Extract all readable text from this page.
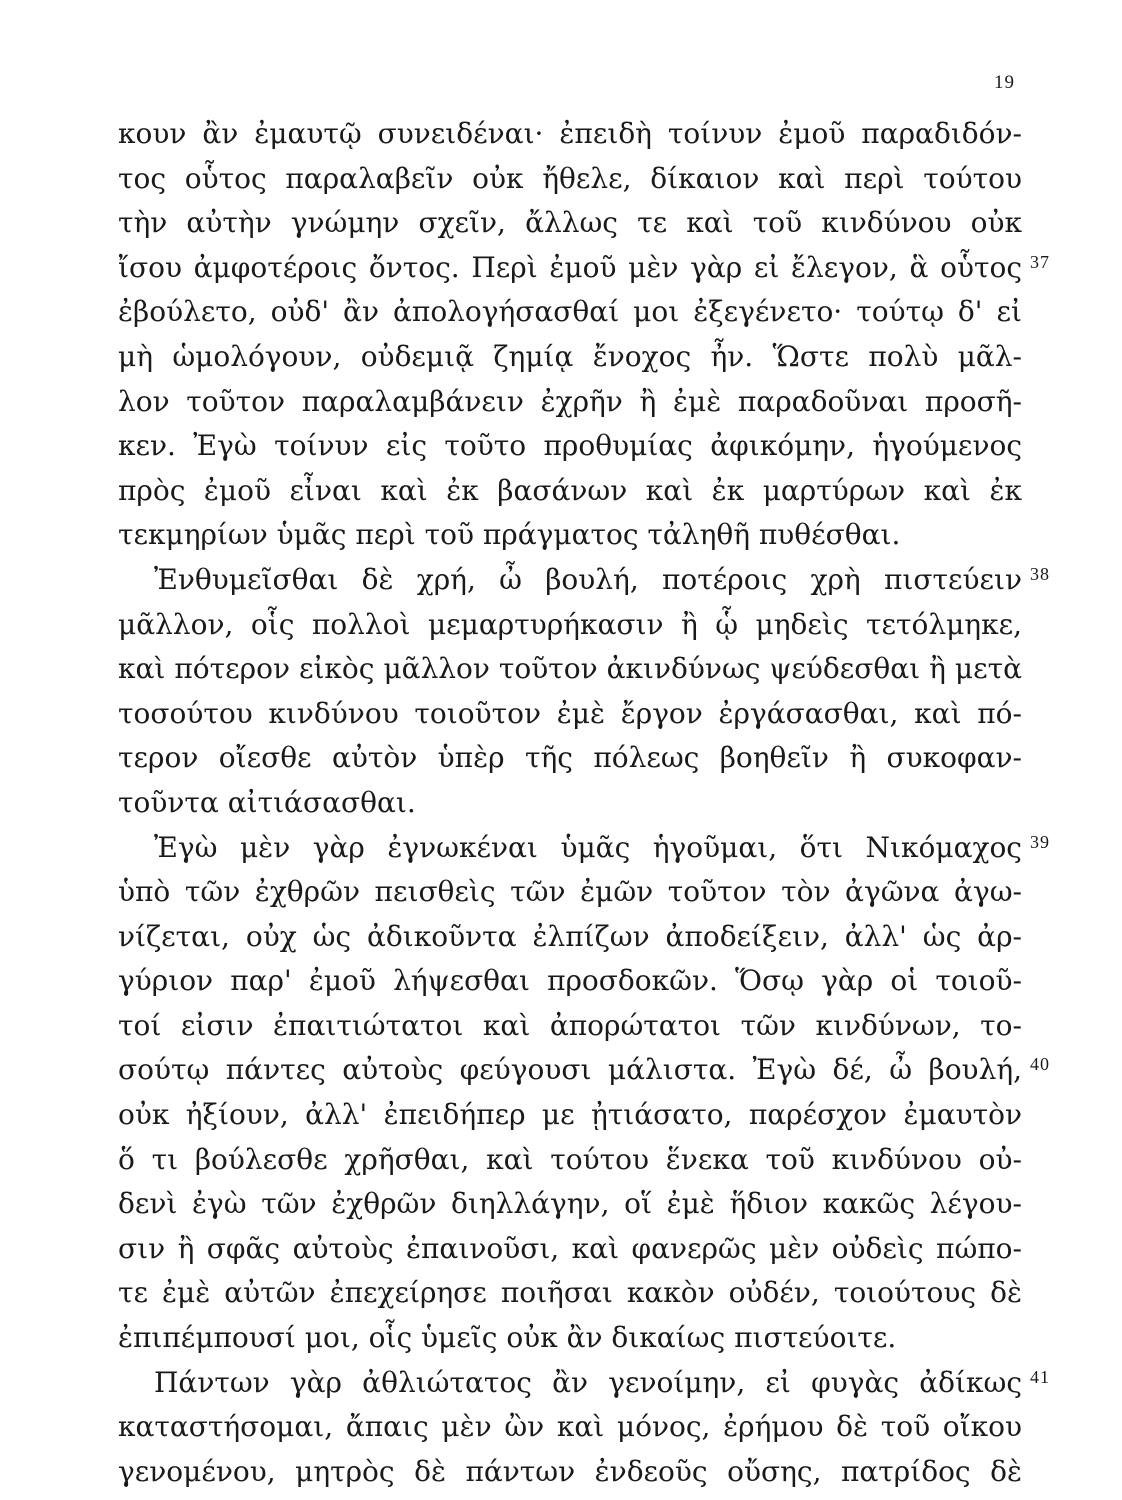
19
κουν ἂν ἐμαυτῷ συνειδέναι· ἐπειδὴ τοίνυν ἐμοῦ παραδιδόν-
τος οὗτος παραλαβεῖν οὐκ ἤθελε, δίκαιον καὶ περὶ τούτου
τὴν αὐτὴν γνώμην σχεῖν, ἄλλως τε καὶ τοῦ κινδύνου οὐκ
ἴσου ἀμφοτέροις ὄντος. Περὶ ἐμοῦ μὲν γὰρ εἰ ἔλεγον, ἃ οὗτος 37
ἐβούλετο, οὐδ' ἂν ἀπολογήσασθαί μοι ἐξεγένετο· τούτῳ δ' εἰ
μὴ ὡμολόγουν, οὐδεμιᾷ ζημίᾳ ἔνοχος ἦν. Ὥστε πολὺ μᾶλ-
λον τοῦτον παραλαμβάνειν ἐχρῆν ἢ ἐμὲ παραδοῦναι προσῆ-
κεν. Ἐγὼ τοίνυν εἰς τοῦτο προθυμίας ἀφικόμην, ἡγούμενος
πρὸς ἐμοῦ εἶναι καὶ ἐκ βασάνων καὶ ἐκ μαρτύρων καὶ ἐκ
τεκμηρίων ὑμᾶς περὶ τοῦ πράγματος τἀληθῆ πυθέσθαι.
Ἐνθυμεῖσθαι δὲ χρή, ὦ βουλή, ποτέροις χρὴ πιστεύειν 38
μᾶλλον, οἷς πολλοὶ μεμαρτυρήκασιν ἢ ᾧ μηδεὶς τετόλμηκε,
καὶ πότερον εἰκὸς μᾶλλον τοῦτον ἀκινδύνως ψεύδεσθαι ἢ μετὰ
τοσούτου κινδύνου τοιοῦτον ἐμὲ ἔργον ἐργάσασθαι, καὶ πό-
τερον οἴεσθε αὐτὸν ὑπὲρ τῆς πόλεως βοηθεῖν ἢ συκοφαν-
τοῦντα αἰτιάσασθαι.
Ἐγὼ μὲν γὰρ ἐγνωκέναι ὑμᾶς ἡγοῦμαι, ὅτι Νικόμαχος 39
ὑπὸ τῶν ἐχθρῶν πεισθεὶς τῶν ἐμῶν τοῦτον τὸν ἀγῶνα ἀγω-
νίζεται, οὐχ ὡς ἀδικοῦντα ἐλπίζων ἀποδείξειν, ἀλλ' ὡς ἀρ-
γύριον παρ' ἐμοῦ λήψεσθαι προσδοκῶν. Ὅσῳ γὰρ οἱ τοιοῦ-
τοί εἰσιν ἐπαιτιώτατοι καὶ ἀπορώτατοι τῶν κινδύνων, το-
σούτῳ πάντες αὐτοὺς φεύγουσι μάλιστα. Ἐγὼ δέ, ὦ βουλή, 40
οὐκ ἠξίουν, ἀλλ' ἐπειδήπερ με ᾐτιάσατο, παρέσχον ἐμαυτὸν
ὅ τι βούλεσθε χρῆσθαι, καὶ τούτου ἕνεκα τοῦ κινδύνου οὐ-
δενὶ ἐγὼ τῶν ἐχθρῶν διηλλάγην, οἵ ἐμὲ ἥδιον κακῶς λέγου-
σιν ἢ σφᾶς αὐτοὺς ἐπαινοῦσι, καὶ φανερῶς μὲν οὐδεὶς πώπο-
τε ἐμὲ αὐτῶν ἐπεχείρησε ποιῆσαι κακὸν οὐδέν, τοιούτους δὲ
ἐπιπέμπουσί μοι, οἷς ὑμεῖς οὐκ ἂν δικαίως πιστεύοιτε.
Πάντων γὰρ ἀθλιώτατος ἂν γενοίμην, εἰ φυγὰς ἀδίκως 41
καταστήσομαι, ἄπαις μὲν ὢν καὶ μόνος, ἐρήμου δὲ τοῦ οἴκου
γενομένου, μητρὸς δὲ πάντων ἐνδεοῦς οὔσης, πατρίδος δὲ
